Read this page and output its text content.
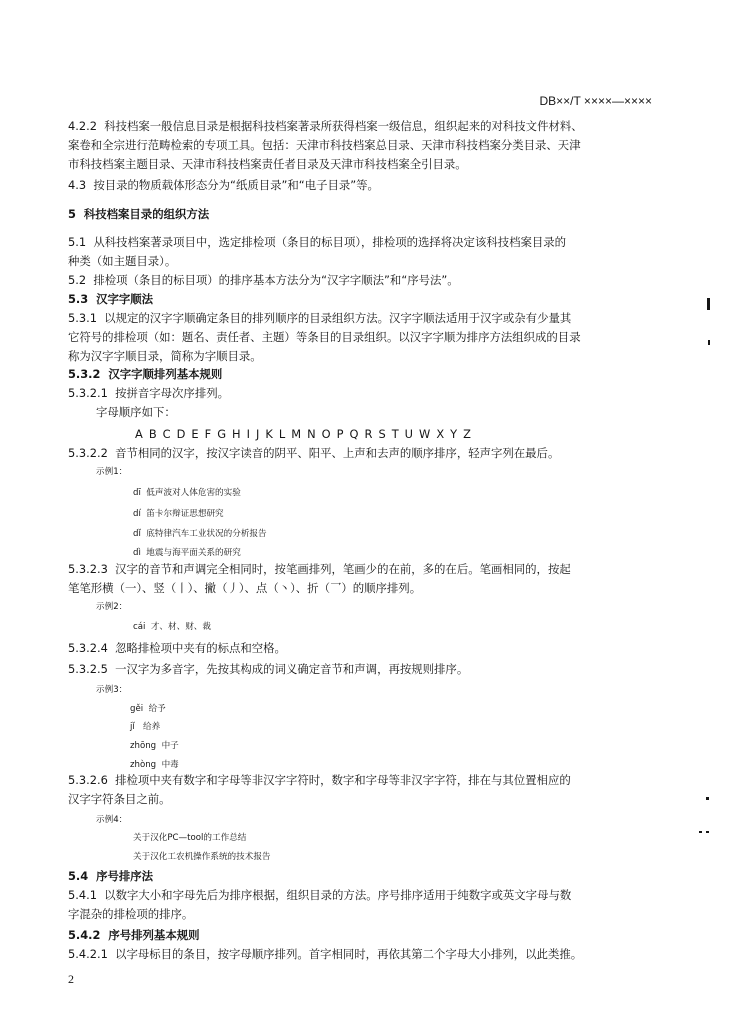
DB××/T ××××—××××
4.2.2  科技档案一般信息目录是根据科技档案著录所获得档案一级信息，组织起来的对科技文件材料、
案卷和全宗进行范畴检索的专项工具。包括：天津市科技档案总目录、天津市科技档案分类目录、天津
市科技档案主题目录、天津市科技档案责任者目录及天津市科技档案全引目录。
4.3  按目录的物质载体形态分为“纸质目录”和“电子目录”等。
5  科技档案目录的组织方法
5.1  从科技档案著录项目中，选定排检项（条目的标目项），排检项的选择将决定该科技档案目录的
种类（如主题目录）。
5.2  排检项（条目的标目项）的排序基本方法分为“汉字字顺法”和“序号法”。
5.3  汉字字顺法
5.3.1  以规定的汉字字顺确定条目的排列顺序的目录组织方法。汉字字顺法适用于汉字或杂有少量其
它符号的排检项（如：题名、责任者、主题）等条目的目录组织。以汉字字顺为排序方法组织成的目录
称为汉字字顺目录，简称为字顺目录。
5.3.2  汉字字顺排列基本规则
5.3.2.1  按拼音字母次序排列。
字母顺序如下：
A B C D E F G H I J K L M N O P Q R S T U W X Y Z
5.3.2.2  音节相同的汉字，按汉字读音的阴平、阳平、上声和去声的顺序排序，轻声字列在最后。
示例1：
dī  低声波对人体危害的实验
dí  笛卡尔辩证思想研究
dǐ  底特律汽车工业状况的分析报告
dì  地震与海平面关系的研究
5.3.2.3  汉字的音节和声调完全相同时，按笔画排列，笔画少的在前，多的在后。笔画相同的，按起
笔笔形横（一）、竖（丨）、撇（丿）、点（丶）、折（乛）的顺序排列。
示例2：
cái  才、材、财、裁
5.3.2.4  忽略排检项中夹有的标点和空格。
5.3.2.5  一汉字为多音字，先按其构成的词义确定音节和声调，再按规则排序。
示例3：
gěi  给予
jǐ   给养
zhōng  中子
zhòng  中毒
5.3.2.6  排检项中夹有数字和字母等非汉字字符时，数字和字母等非汉字字符，排在与其位置相应的
汉字字符条目之前。
示例4：
关于汉化PC—tool的工作总结
关于汉化工农机操作系统的技术报告
5.4  序号排序法
5.4.1  以数字大小和字母先后为排序根据，组织目录的方法。序号排序适用于纯数字或英文字母与数
字混杂的排检项的排序。
5.4.2  序号排列基本规则
5.4.2.1  以字母标目的条目，按字母顺序排列。首字相同时，再依其第二个字母大小排列，以此类推。
2
